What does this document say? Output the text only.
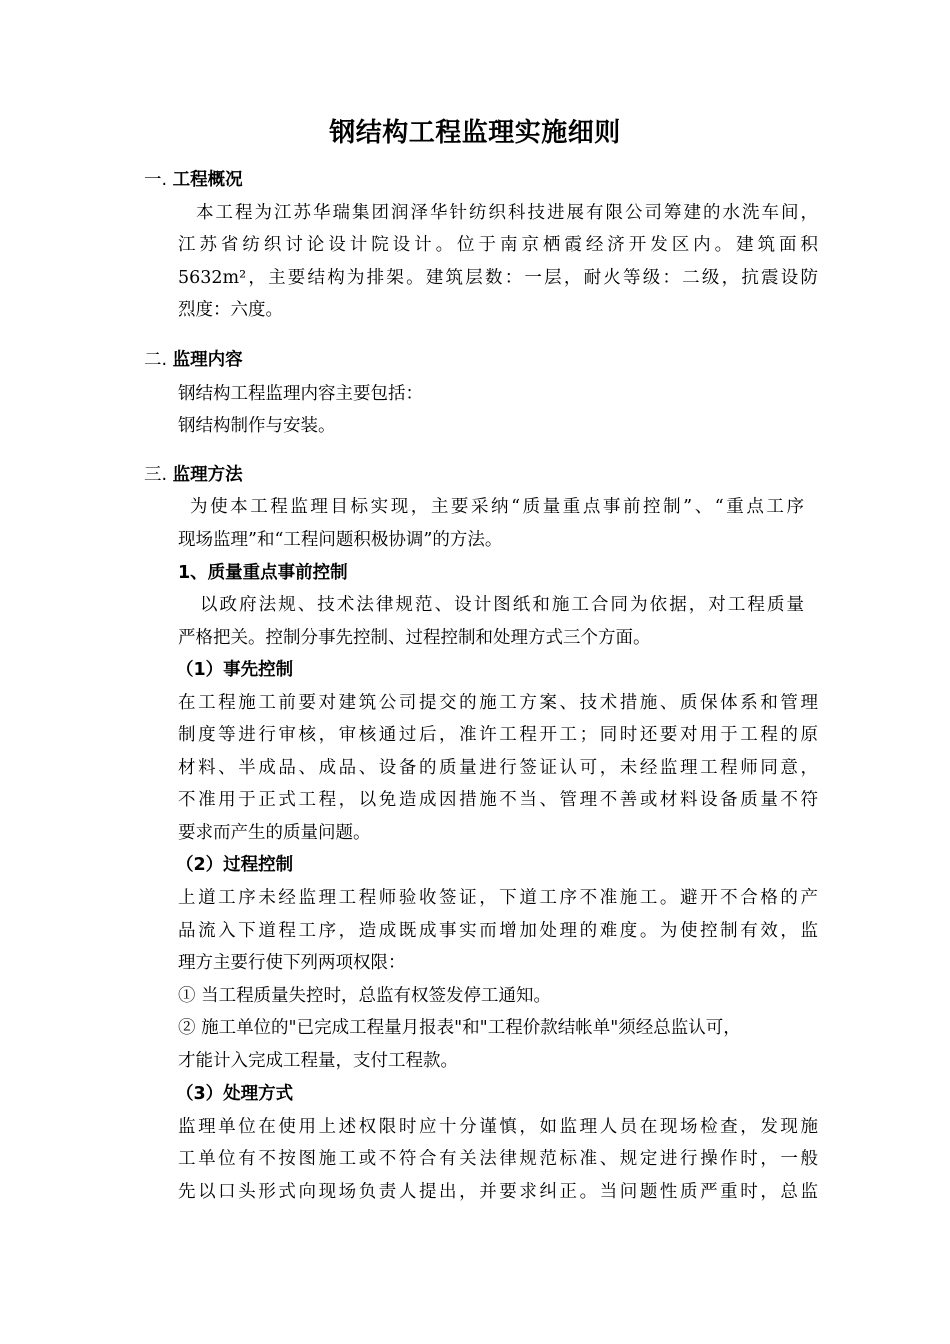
钢结构工程监理实施细则
一. 工程概况
本工程为江苏华瑞集团润泽华针纺织科技进展有限公司筹建的水洗车间，
江苏省纺织讨论设计院设计。位于南京栖霞经济开发区内。建筑面积
5632m²，主要结构为排架。建筑层数：一层，耐火等级：二级，抗震设防
烈度：六度。
二. 监理内容
钢结构工程监理内容主要包括：
钢结构制作与安装。
三. 监理方法
为使本工程监理目标实现，主要采纳“质量重点事前控制”、“重点工序
现场监理”和“工程问题积极协调”的方法。
1、质量重点事前控制
以政府法规、技术法律规范、设计图纸和施工合同为依据，对工程质量
严格把关。控制分事先控制、过程控制和处理方式三个方面。
（1）事先控制
在工程施工前要对建筑公司提交的施工方案、技术措施、质保体系和管理
制度等进行审核，审核通过后，准许工程开工；同时还要对用于工程的原
材料、半成品、成品、设备的质量进行签证认可，未经监理工程师同意，
不准用于正式工程，以免造成因措施不当、管理不善或材料设备质量不符
要求而产生的质量问题。
（2）过程控制
上道工序未经监理工程师验收签证，下道工序不准施工。避开不合格的产
品流入下道程工序，造成既成事实而增加处理的难度。为使控制有效，监
理方主要行使下列两项权限：
① 当工程质量失控时，总监有权签发停工通知。
② 施工单位的"已完成工程量月报表"和"工程价款结帐单"须经总监认可，
才能计入完成工程量，支付工程款。
（3）处理方式
监理单位在使用上述权限时应十分谨慎，如监理人员在现场检查，发现施
工单位有不按图施工或不符合有关法律规范标准、规定进行操作时，一般
先以口头形式向现场负责人提出，并要求纠正。当问题性质严重时，总监
